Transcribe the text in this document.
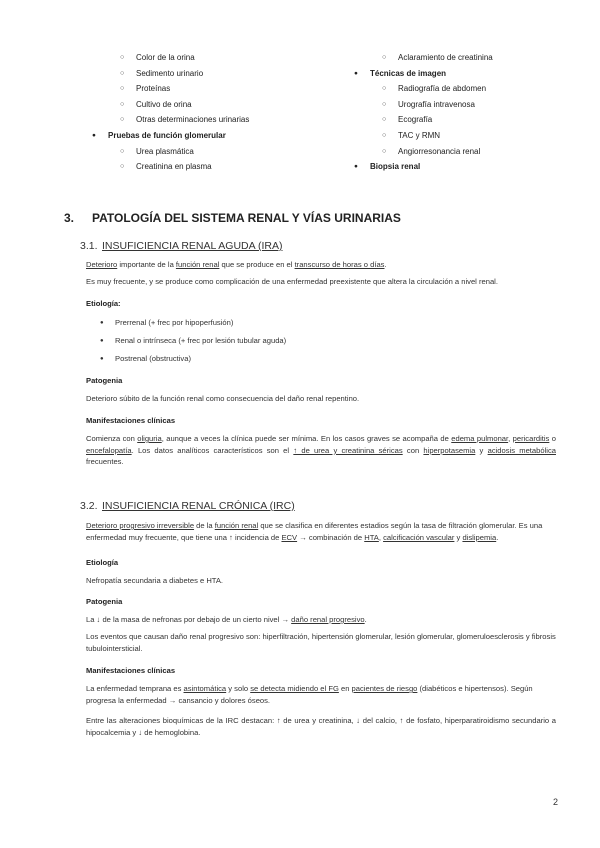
○ Color de la orina
○ Sedimento urinario
○ Proteínas
○ Cultivo de orina
○ Otras determinaciones urinarias
● Pruebas de función glomerular
○ Urea plasmática
○ Creatinina en plasma
○ Aclaramiento de creatinina
● Técnicas de imagen
○ Radiografía de abdomen
○ Urografía intravenosa
○ Ecografía
○ TAC y RMN
○ Angiorresonancia renal
● Biopsia renal
3. PATOLOGÍA DEL SISTEMA RENAL Y VÍAS URINARIAS
3.1. INSUFICIENCIA RENAL AGUDA (IRA)
Deterioro importante de la función renal que se produce en el transcurso de horas o días.
Es muy frecuente, y se produce como complicación de una enfermedad preexistente que altera la circulación a nivel renal.
Etiología:
● Prerrenal (+ frec por hipoperfusión)
● Renal o intrínseca (+ frec por lesión tubular aguda)
● Postrenal (obstructiva)
Patogenia
Deterioro súbito de la función renal como consecuencia del daño renal repentino.
Manifestaciones clínicas
Comienza con oliguria, aunque a veces la clínica puede ser mínima. En los casos graves se acompaña de edema pulmonar, pericarditis o encefalopatía. Los datos analíticos característicos son el ↑ de urea y creatinina séricas con hiperpotasemia y acidosis metabólica frecuentes.
3.2. INSUFICIENCIA RENAL CRÓNICA (IRC)
Deterioro progresivo irreversible de la función renal que se clasifica en diferentes estadios según la tasa de filtración glomerular. Es una enfermedad muy frecuente, que tiene una ↑ incidencia de ECV → combinación de HTA, calcificación vascular y dislipemia.
Etiología
Nefropatía secundaria a diabetes e HTA.
Patogenia
La ↓ de la masa de nefronas por debajo de un cierto nivel → daño renal progresivo.
Los eventos que causan daño renal progresivo son: hiperfiltración, hipertensión glomerular, lesión glomerular, glomeruloesclerosis y fibrosis tubulointersticial.
Manifestaciones clínicas
La enfermedad temprana es asintomática y solo se detecta midiendo el FG en pacientes de riesgo (diabéticos e hipertensos). Según progresa la enfermedad → cansancio y dolores óseos.
Entre las alteraciones bioquímicas de la IRC destacan: ↑ de urea y creatinina, ↓ del calcio, ↑ de fosfato, hiperparatiroidismo secundario a hipocalcemia y ↓ de hemoglobina.
2
